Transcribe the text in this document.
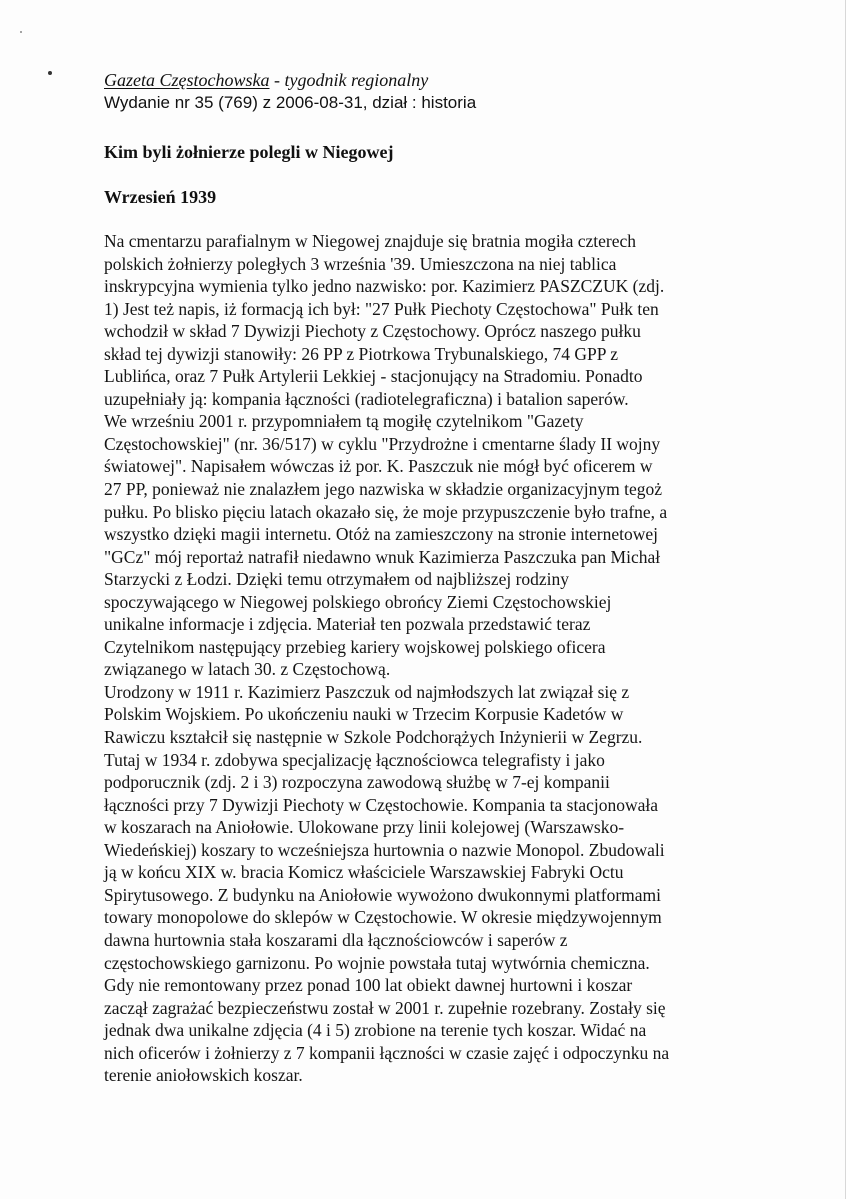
Gazeta Częstochowska - tygodnik regionalny
Wydanie nr 35 (769) z 2006-08-31, dział : historia
Kim byli żołnierze polegli w Niegowej
Wrzesień 1939
Na cmentarzu parafialnym w Niegowej znajduje się bratnia mogiła czterech
polskich żołnierzy poległych 3 września '39. Umieszczona na niej tablica
inskrypcyjna wymienia tylko jedno nazwisko: por. Kazimierz PASZCZUK (zdj.
1) Jest też napis, iż formacją ich był: "27 Pułk Piechoty Częstochowa" Pułk ten
wchodził w skład 7 Dywizji Piechoty z Częstochowy. Oprócz naszego pułku
skład tej dywizji stanowiły: 26 PP z Piotrkowa Trybunalskiego, 74 GPP z
Lublińca, oraz 7 Pułk Artylerii Lekkiej - stacjonujący na Stradomiu. Ponadto
uzupełniały ją: kompania łączności (radiotelegraficzna) i batalion saperów.
We wrześniu 2001 r. przypomniałem tą mogiłę czytelnikom "Gazety
Częstochowskiej" (nr. 36/517) w cyklu "Przydrożne i cmentarne ślady II wojny
światowej". Napisałem wówczas iż por. K. Paszczuk nie mógł być oficerem w
27 PP, ponieważ nie znalazłem jego nazwiska w składzie organizacyjnym tegoż
pułku. Po blisko pięciu latach okazało się, że moje przypuszczenie było trafne, a
wszystko dzięki magii internetu. Otóż na zamieszczony na stronie internetowej
"GCz" mój reportaż natrafił niedawno wnuk Kazimierza Paszczuka pan Michał
Starzycki z Łodzi. Dzięki temu otrzymałem od najbliższej rodziny
spoczywającego w Niegowej polskiego obrońcy Ziemi Częstochowskiej
unikalne informacje i zdjęcia. Materiał ten pozwala przedstawić teraz
Czytelnikom następujący przebieg kariery wojskowej polskiego oficera
związanego w latach 30. z Częstochową.
Urodzony w 1911 r. Kazimierz Paszczuk od najmłodszych lat związał się z
Polskim Wojskiem. Po ukończeniu nauki w Trzecim Korpusie Kadetów w
Rawiczu kształcił się następnie w Szkole Podchorążych Inżynierii w Zegrzu.
Tutaj w 1934 r. zdobywa specjalizację łącznościowca telegrafisty i jako
podporucznik (zdj. 2 i 3) rozpoczyna zawodową służbę w 7-ej kompanii
łączności przy 7 Dywizji Piechoty w Częstochowie. Kompania ta stacjonowała
w koszarach na Aniołowie. Ulokowane przy linii kolejowej (Warszawsko-
Wiedeńskiej) koszary to wcześniejsza hurtownia o nazwie Monopol. Zbudowali
ją w końcu XIX w. bracia Komicz właściciele Warszawskiej Fabryki Octu
Spirytusowego. Z budynku na Aniołowie wywożono dwukonnymi platformami
towary monopolowe do sklepów w Częstochowie. W okresie międzywojennym
dawna hurtownia stała koszarami dla łącznościowców i saperów z
częstochowskiego garnizonu. Po wojnie powstała tutaj wytwórnia chemiczna.
Gdy nie remontowany przez ponad 100 lat obiekt dawnej hurtowni i koszar
zaczął zagrażać bezpieczeństwu został w 2001 r. zupełnie rozebrany. Zostały się
jednak dwa unikalne zdjęcia (4 i 5) zrobione na terenie tych koszar. Widać na
nich oficerów i żołnierzy z 7 kompanii łączności w czasie zajęć i odpoczynku na
terenie aniołowskich koszar.
